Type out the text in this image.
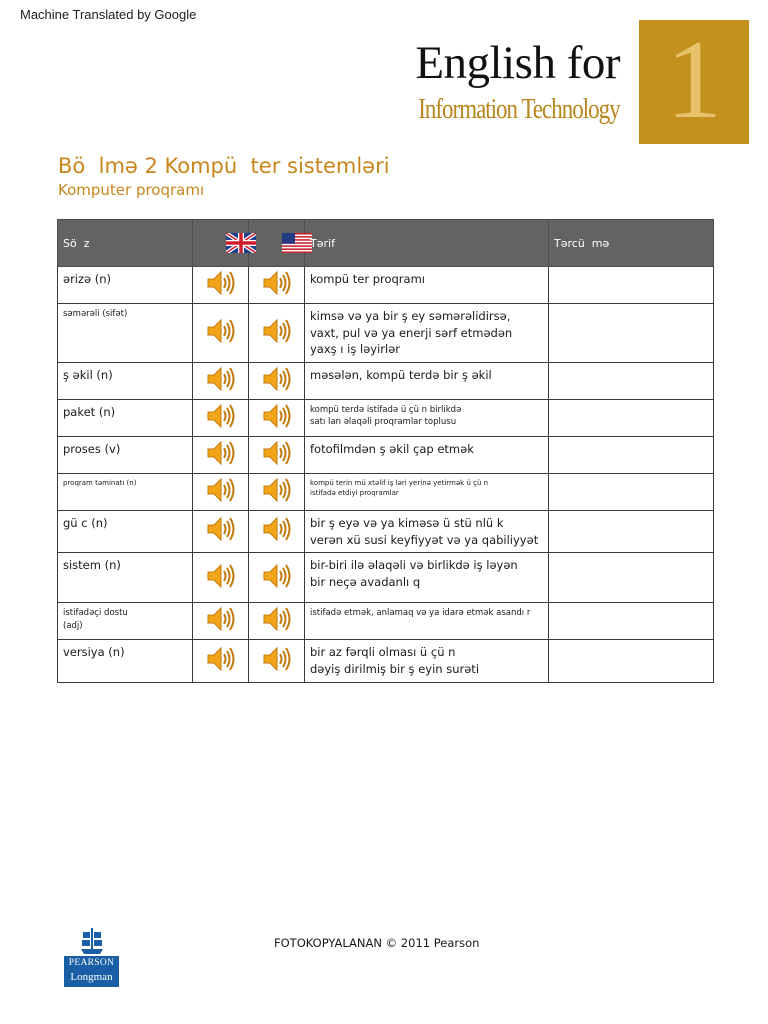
Machine Translated by Google
English for
Information Technology 1
Bö  lmə 2 Kompü  ter sistemləri
Komputer proqramı
Sö  z			Tərif	Tərcü  mə
ərizə (n)			kompü ter proqramı	
səmərəli (sifət)			kimsə və ya bir ş ey səmərəlidirsə,
vaxt, pul və ya enerji sərf etmədən
yaxş ı iş ləyirlər	
ş əkil (n)			məsələn, kompü terdə bir ş əkil	
paket (n)			kompü terdə istifadə ü çü n birlikdə
satı lan əlaqəli proqramlar toplusu	
proses (v)			fotofilmdən ş əkil çap etmək	
proqram təminatı (n)			kompü terin mü xtəlif iş ləri yerinə yetirmək ü çü n
istifadə etdiyi proqramlar	
gü c (n)			bir ş eyə və ya kiməsə ü stü nlü k
verən xü susi keyfiyyət və ya qabiliyyət	
sistem (n)			bir-biri ilə əlaqəli və birlikdə iş ləyən
bir neçə avadanlı q	
istifadəçi dostu
(adj)			istifadə etmək, anlamaq və ya idarə etmək asandı r	
versiya (n)			bir az fərqli olması ü çü n
dəyiş dirilmiş bir ş eyin surəti	
PEARSON
Longman
FOTOKOPYALANAN © 2011 Pearson
